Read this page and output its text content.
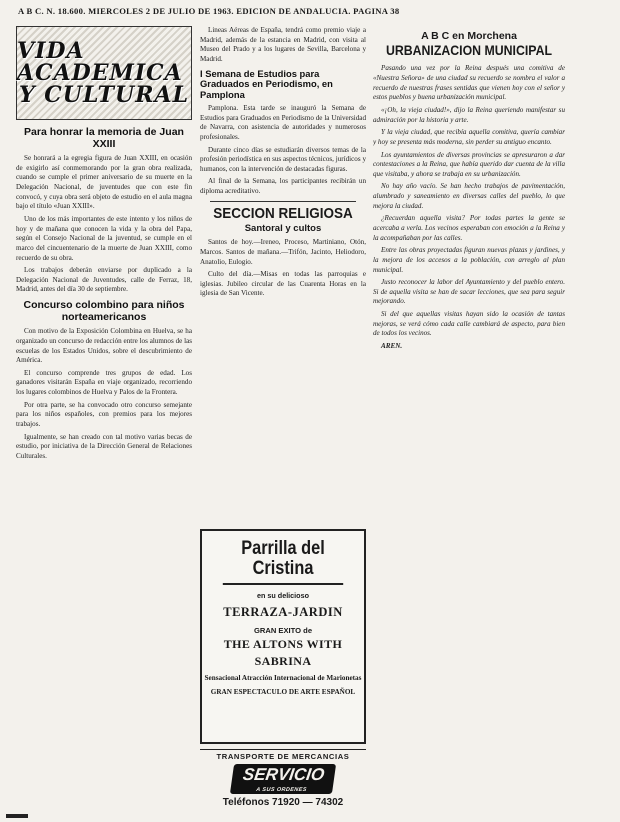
A B C. N. 18.600. MIERCOLES 2 DE JULIO DE 1963. EDICION DE ANDALUCIA. PAGINA 38
VIDA ACADEMICA
Y CULTURAL
Para honrar la memoria de Juan XXIII

Se honrará a la egregia figura de Juan XXIII, en ocasión de exigirlo así conmemorando por la gran obra realizada, cuando se cumple el primer aniversario de su muerte en la Delegación Nacional, de juventudes que con este fin convocó, y cuya obra será objeto de estudio en el aula magna bajo el título «Juan XXIII».

Uno de los más importantes de este intento y los niños de hoy y de mañana que conocen la vida y la obra del Papa, según el Consejo Nacional de la juventud, se cumple en el marco del cincuentenario de la muerte de Juan XXIII, como recuerdo de su obra.

Los trabajos deberán enviarse por duplicado a la Delegación Nacional de Juventudes, calle de Ferraz, 18, Madrid, antes del día 30 de septiembre.

Concurso colombino para niños norteamericanos

Con motivo de la Exposición Colombina en Huelva, se ha organizado un concurso de redacción entre los alumnos de las escuelas de los Estados Unidos, sobre el descubrimiento de América.

El concurso comprende tres grupos de edad. Los ganadores visitarán España en viaje organizado, recorriendo los lugares colombinos de Huelva y Palos de la Frontera.

Por otra parte, se ha convocado otro concurso semejante para los niños españoles, con premios para los mejores trabajos.

Igualmente, se han creado con tal motivo varias becas de estudio, por iniciativa de la Dirección General de Relaciones Culturales.

Lineas Aéreas de España, tendrá como premio viaje a Madrid, además de la estancia en Madrid, con visita al Museo del Prado y a los lugares de Sevilla, Barcelona y Madrid.

I Semana de Estudios para Graduados en Periodismo, en Pamplona

Pamplona. Esta tarde se inauguró la Semana de Estudios para Graduados en Periodismo de la Universidad de Navarra, con asistencia de autoridades y numerosos profesionales.

Durante cinco días se estudiarán diversos temas de la profesión periodística en sus aspectos técnicos, jurídicos y humanos, con la intervención de destacadas figuras.

Al final de la Semana, los participantes recibirán un diploma acreditativo.

SECCION RELIGIOSA
Santoral y cultos

Santos de hoy.—Ireneo, Proceso, Martiniano, Otón, Marcos. Santos de mañana.—Trifón, Jacinto, Heliodoro, Anatolio, Eulogio.

Culto del día.—Misas en todas las parroquias e iglesias. Jubileo circular de las Cuarenta Horas en la iglesia de San Vicente.

Parrilla del Cristina
en su delicioso
TERRAZA-JARDIN
GRAN EXITO de
THE ALTONS WITH
SABRINA
Sensacional Atracción Internacional de Marionetas
GRAN ESPECTACULO DE ARTE ESPAÑOL
TRANSPORTE DE MERCANCIAS
SERVICIO
A SUS ORDENES
Teléfonos 71920 — 74302
A B C en Morchena
URBANIZACION MUNICIPAL

Pasando una vez por la Reina después una comitiva de «Nuestra Señora» de una ciudad su recuerdo se nombra el valor a recuerdo de nuestras frases sentidas que vienen hoy con el señor y estos pueblos y buena urbanización municipal.

«¡Oh, la vieja ciudad!», dijo la Reina queriendo manifestar su admiración por la historia y arte.

Y la vieja ciudad, que recibía aquella comitiva, quería cambiar y hoy se presenta más moderna, sin perder su antiguo encanto.

Los ayuntamientos de diversas provincias se apresuraron a dar contestaciones a la Reina, que había querido dar cuenta de la villa que visitaba, y ahora se trabaja en su urbanización.

No hay año vacío. Se han hecho trabajos de pavimentación, alumbrado y saneamiento en diversas calles del pueblo, lo que mejora la ciudad.

¿Recuerdan aquella visita? Por todas partes la gente se acercaba a verla. Los vecinos esperaban con emoción a la Reina y la acompañaban por las calles.

Entre las obras proyectadas figuran nuevas plazas y jardines, y la mejora de los accesos a la población, con arreglo al plan municipal.

Justo reconocer la labor del Ayuntamiento y del pueblo entero. Si de aquella visita se han de sacar lecciones, que sea para seguir mejorando.

Si del que aquellas visitas hayan sido la ocasión de tantas mejoras, se verá cómo cada calle cambiará de aspecto, para bien de todos los vecinos.

AREN.
